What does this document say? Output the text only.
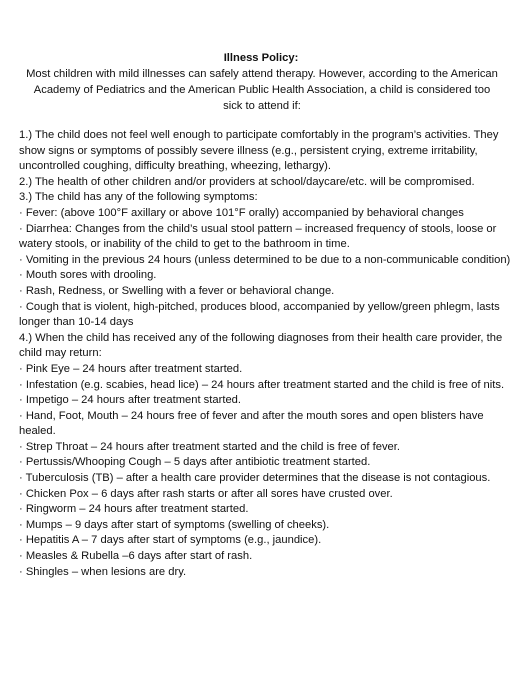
Illness Policy:
Most children with mild illnesses can safely attend therapy. However, according to the American Academy of Pediatrics and the American Public Health Association, a child is considered too sick to attend if:
1.) The child does not feel well enough to participate comfortably in the program’s activities. They show signs or symptoms of possibly severe illness (e.g., persistent crying, extreme irritability, uncontrolled coughing, difficulty breathing, wheezing, lethargy).
2.) The health of other children and/or providers at school/daycare/etc. will be compromised.
3.) The child has any of the following symptoms:
· Fever: (above 100°F axillary or above 101°F orally) accompanied by behavioral changes
· Diarrhea: Changes from the child’s usual stool pattern – increased frequency of stools, loose or watery stools, or inability of the child to get to the bathroom in time.
· Vomiting in the previous 24 hours (unless determined to be due to a non-communicable condition)
· Mouth sores with drooling.
· Rash, Redness, or Swelling with a fever or behavioral change.
· Cough that is violent, high-pitched, produces blood, accompanied by yellow/green phlegm, lasts longer than 10-14 days
4.) When the child has received any of the following diagnoses from their health care provider, the child may return:
· Pink Eye – 24 hours after treatment started.
· Infestation (e.g. scabies, head lice) – 24 hours after treatment started and the child is free of nits.
· Impetigo – 24 hours after treatment started.
· Hand, Foot, Mouth – 24 hours free of fever and after the mouth sores and open blisters have healed.
· Strep Throat – 24 hours after treatment started and the child is free of fever.
· Pertussis/Whooping Cough – 5 days after antibiotic treatment started.
· Tuberculosis (TB) – after a health care provider determines that the disease is not contagious.
· Chicken Pox – 6 days after rash starts or after all sores have crusted over.
· Ringworm – 24 hours after treatment started.
· Mumps – 9 days after start of symptoms (swelling of cheeks).
· Hepatitis A – 7 days after start of symptoms (e.g., jaundice).
· Measles & Rubella –6 days after start of rash.
· Shingles – when lesions are dry.
